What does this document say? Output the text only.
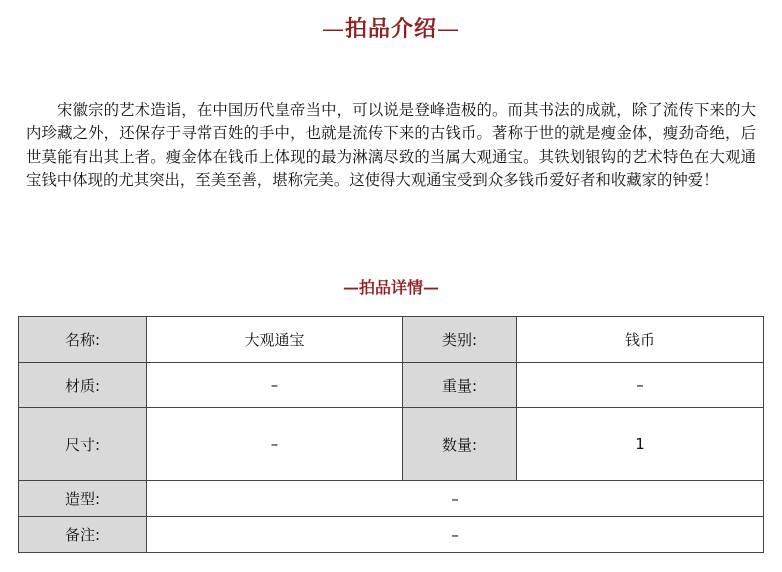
—拍品介绍—

宋徽宗的艺术造诣，在中国历代皇帝当中，可以说是登峰造极的。而其书法的成就，除了流传下来的大内珍藏之外，还保存于寻常百姓的手中，也就是流传下来的古钱币。著称于世的就是瘦金体，瘦劲奇绝，后世莫能有出其上者。瘦金体在钱币上体现的最为淋漓尽致的当属大观通宝。其铁划银钩的艺术特色在大观通宝钱中体现的尤其突出，至美至善，堪称完美。这使得大观通宝受到众多钱币爱好者和收藏家的钟爱！

—拍品详情—
名称:	大观通宝	类别:	钱币
材质:	–	重量:	–
尺寸:	–	数量:	1
造型:	–		
备注:	–		
